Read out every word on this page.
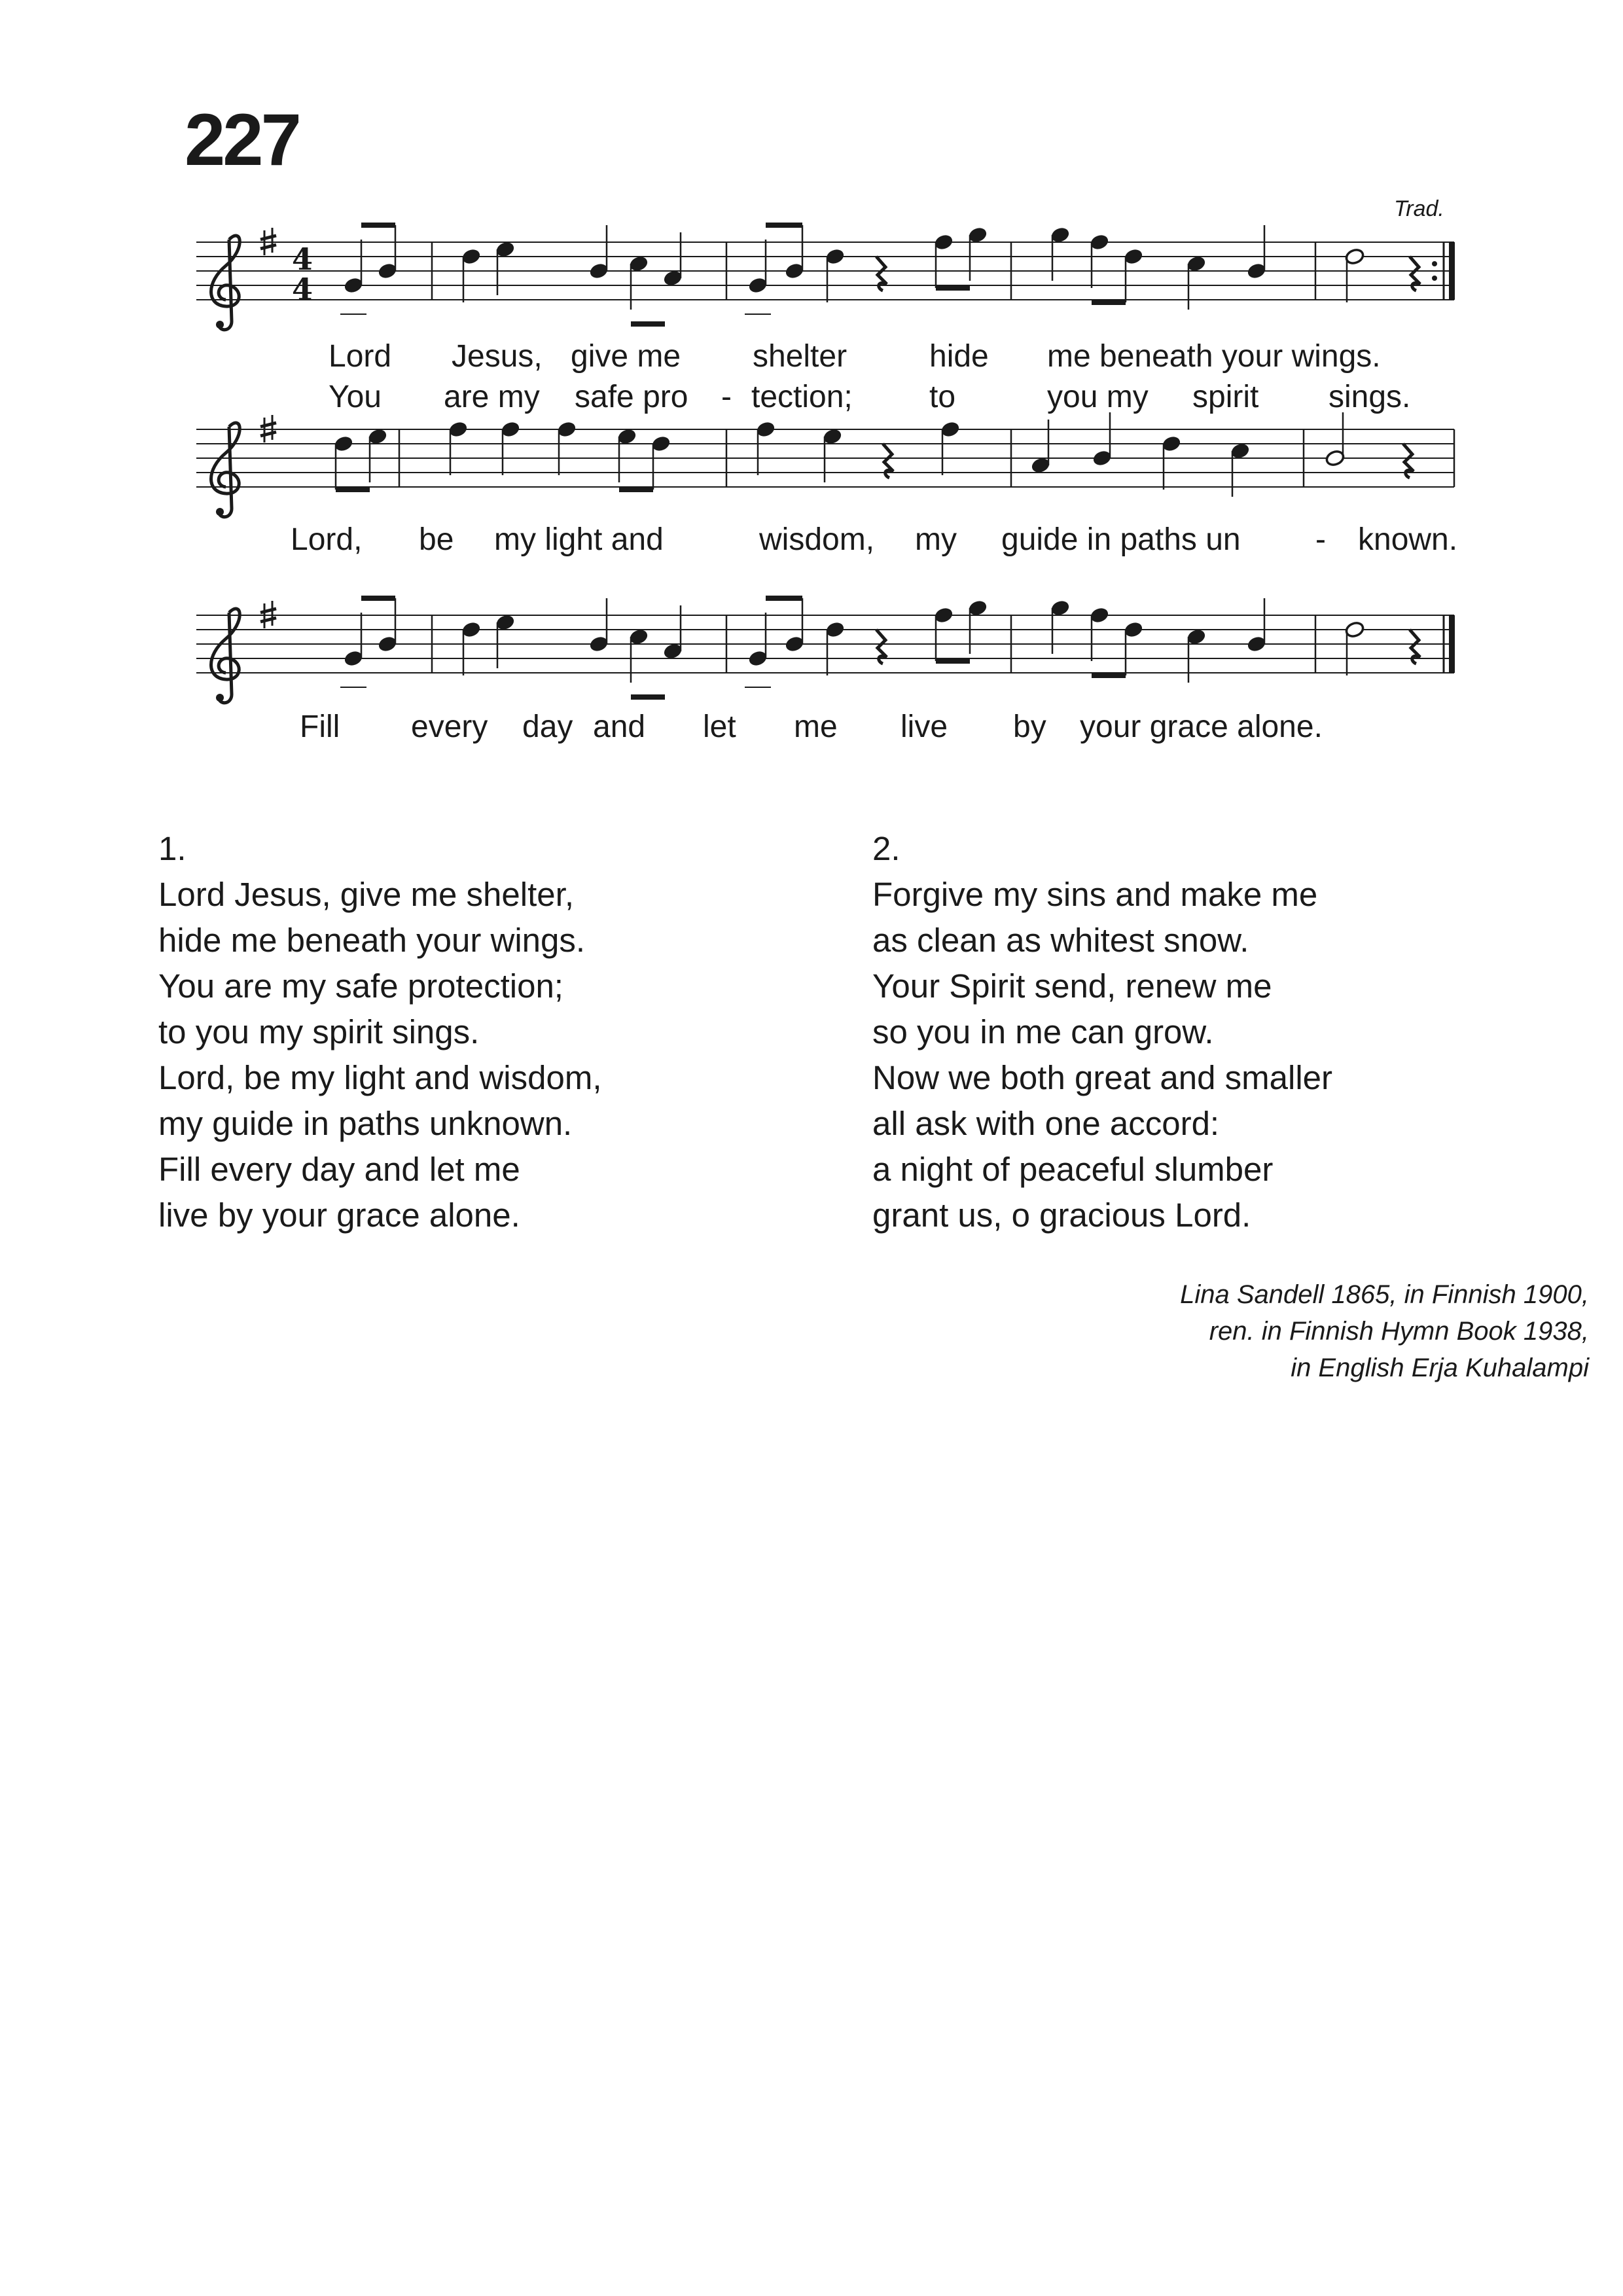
227
Trad.
4
4
Lord Jesus, give me shelter	hide me beneath your wings.
You are my safe pro - tection; to	you my spirit sings.
Lord, be my light and	wisdom, my guide in paths un - known.
Fill every day and let me live by your grace alone.
1.
Lord Jesus, give me shelter,
hide me beneath your wings.
You are my safe protection;
to you my spirit sings.
Lord, be my light and wisdom,
my guide in paths unknown.
Fill every day and let me
live by your grace alone.
2.
Forgive my sins and make me
as clean as whitest snow.
Your Spirit send, renew me
so you in me can grow.
Now we both great and smaller
all ask with one accord:
a night of peaceful slumber
grant us, o gracious Lord.
Lina Sandell 1865, in Finnish 1900,
ren. in Finnish Hymn Book 1938,
in English Erja Kuhalampi
